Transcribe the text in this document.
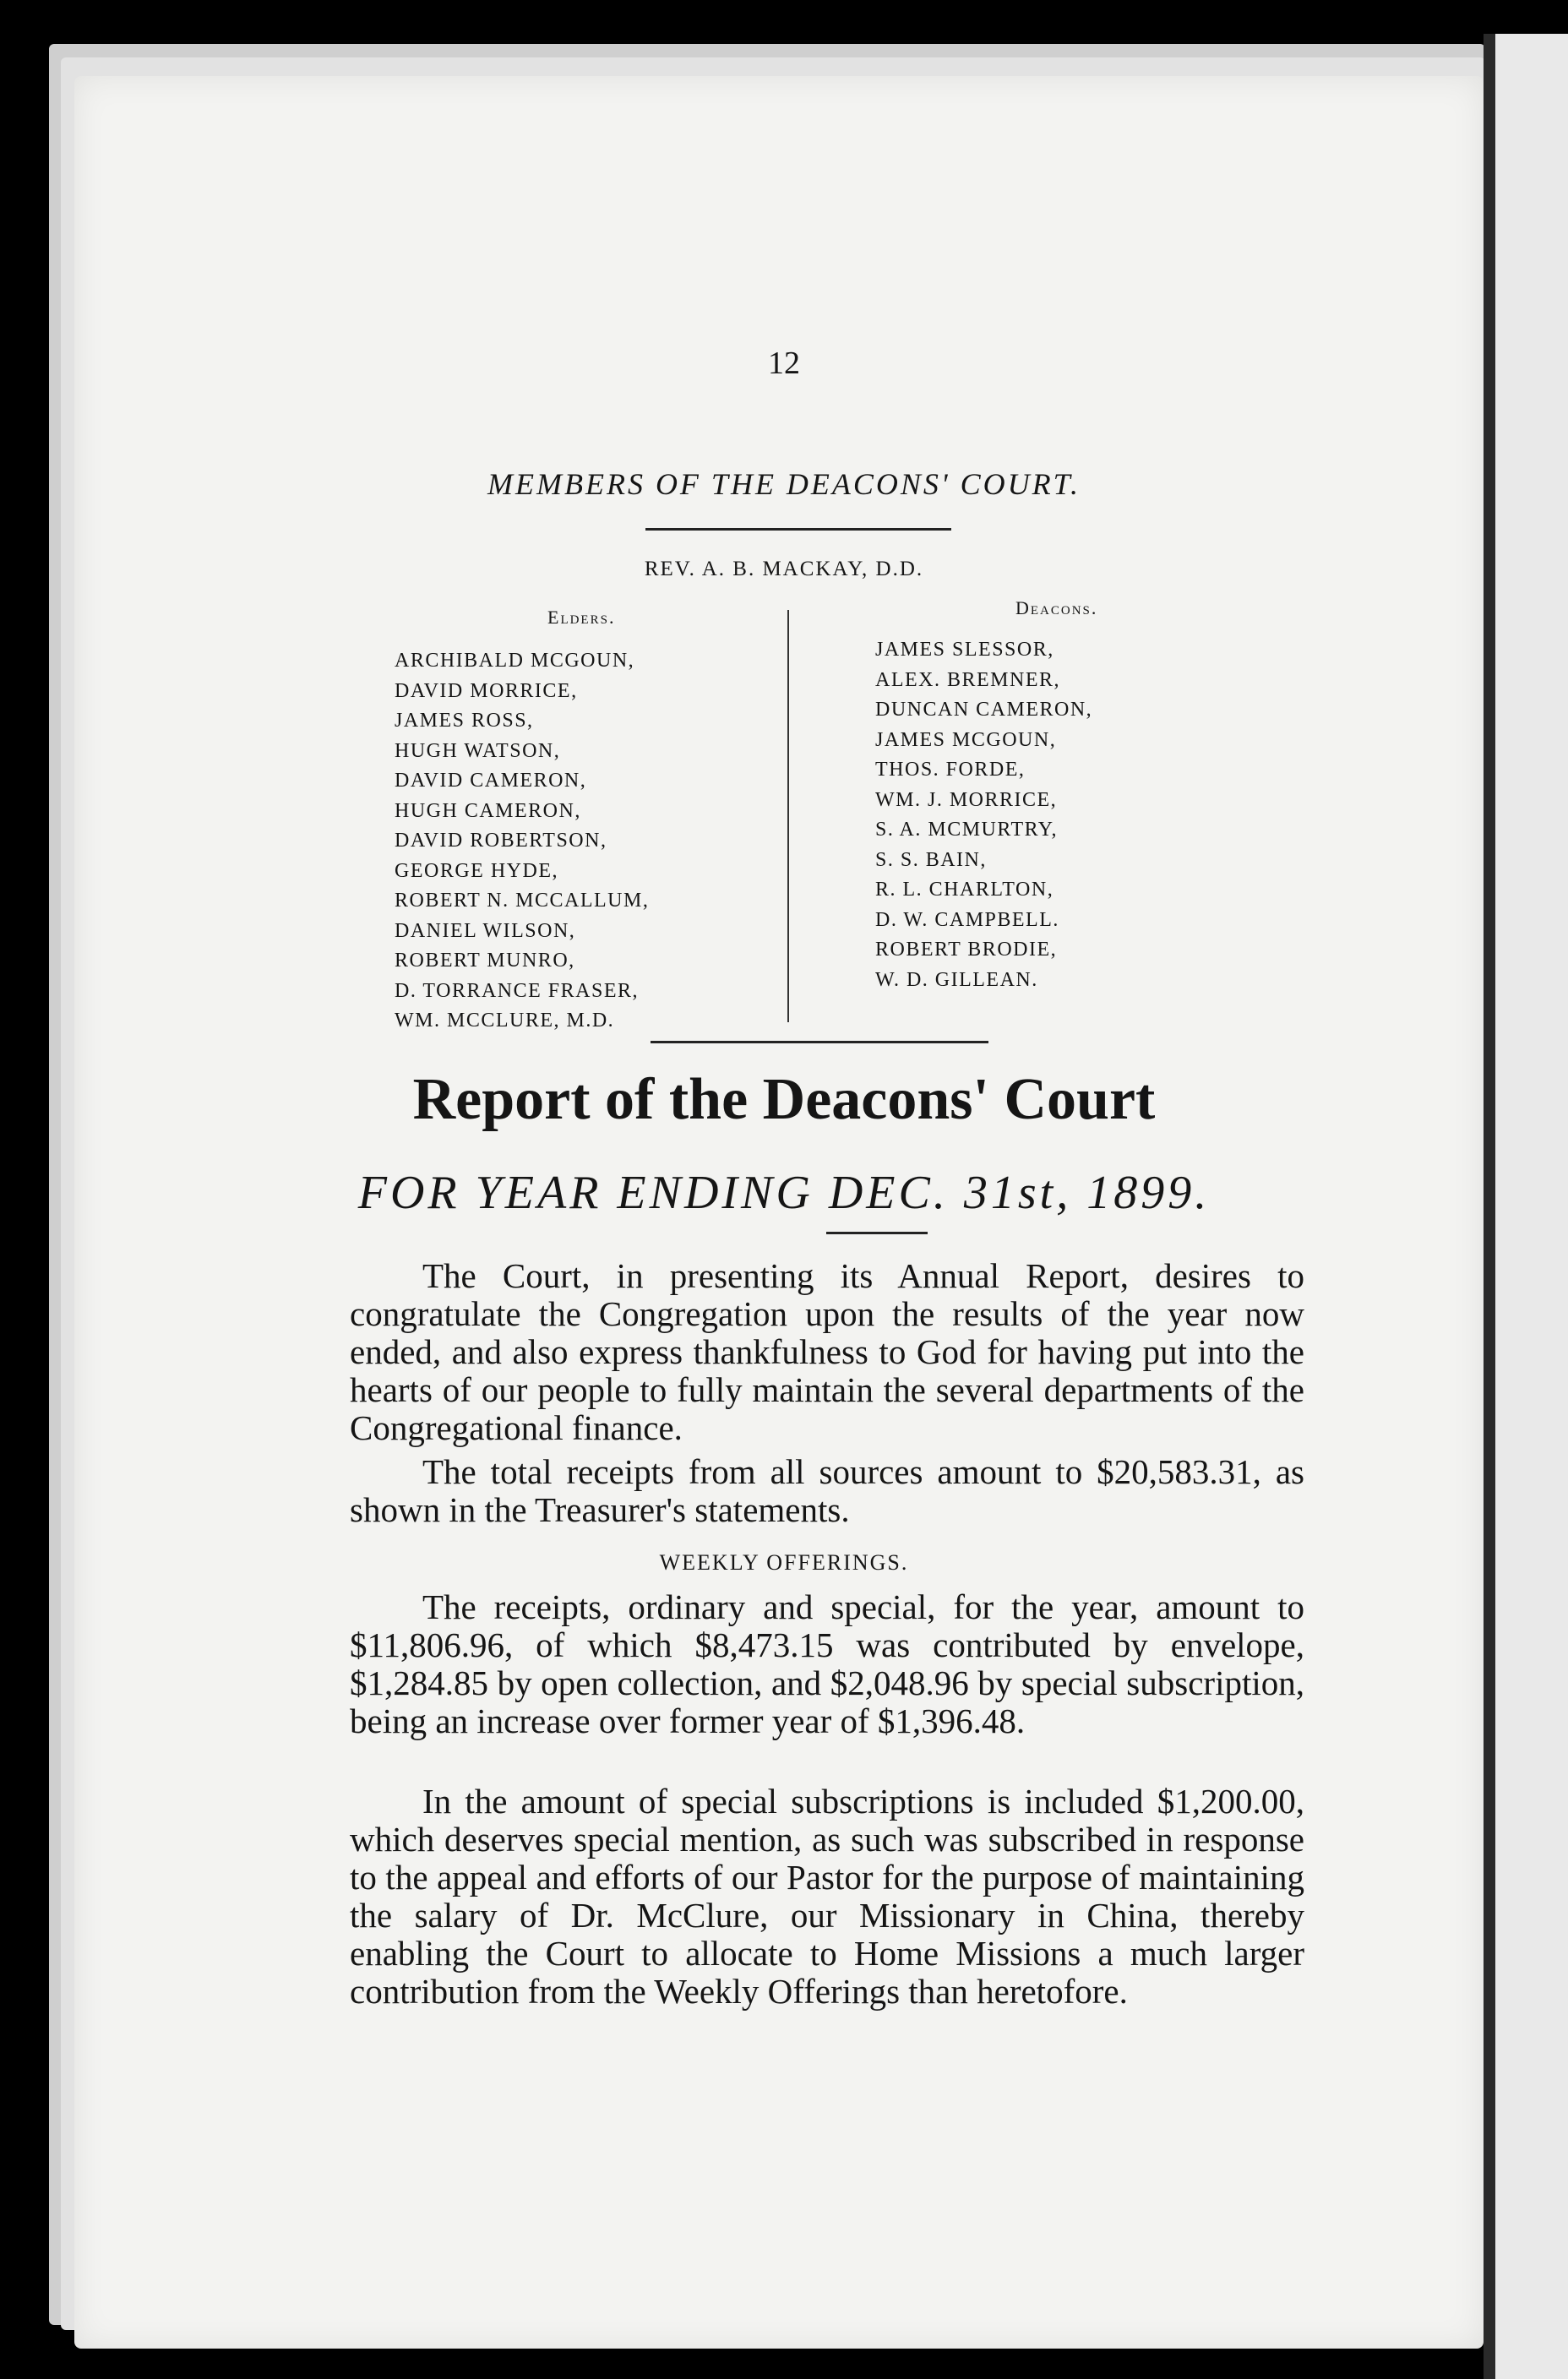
12
MEMBERS OF THE DEACONS' COURT.
REV. A. B. MACKAY, D.D.
Elders.	Deacons.
ARCHIBALD MCGOUN,
DAVID MORRICE,
JAMES ROSS,
HUGH WATSON,
DAVID CAMERON,
HUGH CAMERON,
DAVID ROBERTSON,
GEORGE HYDE,
ROBERT N. MCCALLUM,
DANIEL WILSON,
ROBERT MUNRO,
D. TORRANCE FRASER,
WM. MCCLURE, M.D.
JAMES SLESSOR,
ALEX. BREMNER,
DUNCAN CAMERON,
JAMES MCGOUN,
THOS. FORDE,
WM. J. MORRICE,
S. A. MCMURTRY,
S. S. BAIN,
R. L. CHARLTON,
D. W. CAMPBELL.
ROBERT BRODIE,
W. D. GILLEAN.
Report of the Deacons' Court
FOR YEAR ENDING DEC. 31st, 1899.

The Court, in presenting its Annual Report, desires to congratulate the Congregation upon the results of the year now ended, and also express thankfulness to God for having put into the hearts of our people to fully maintain the several departments of the Congregational finance.

The total receipts from all sources amount to $20,583.31, as shown in the Treasurer's statements.

WEEKLY OFFERINGS.

The receipts, ordinary and special, for the year, amount to $11,806.96, of which $8,473.15 was contributed by envelope, $1,284.85 by open collection, and $2,048.96 by special subscription, being an increase over former year of $1,396.48.

In the amount of special subscriptions is included $1,200.00, which deserves special mention, as such was subscribed in response to the appeal and efforts of our Pastor for the purpose of maintaining the salary of Dr. McClure, our Missionary in China, thereby enabling the Court to allocate to Home Missions a much larger contribution from the Weekly Offerings than heretofore.
